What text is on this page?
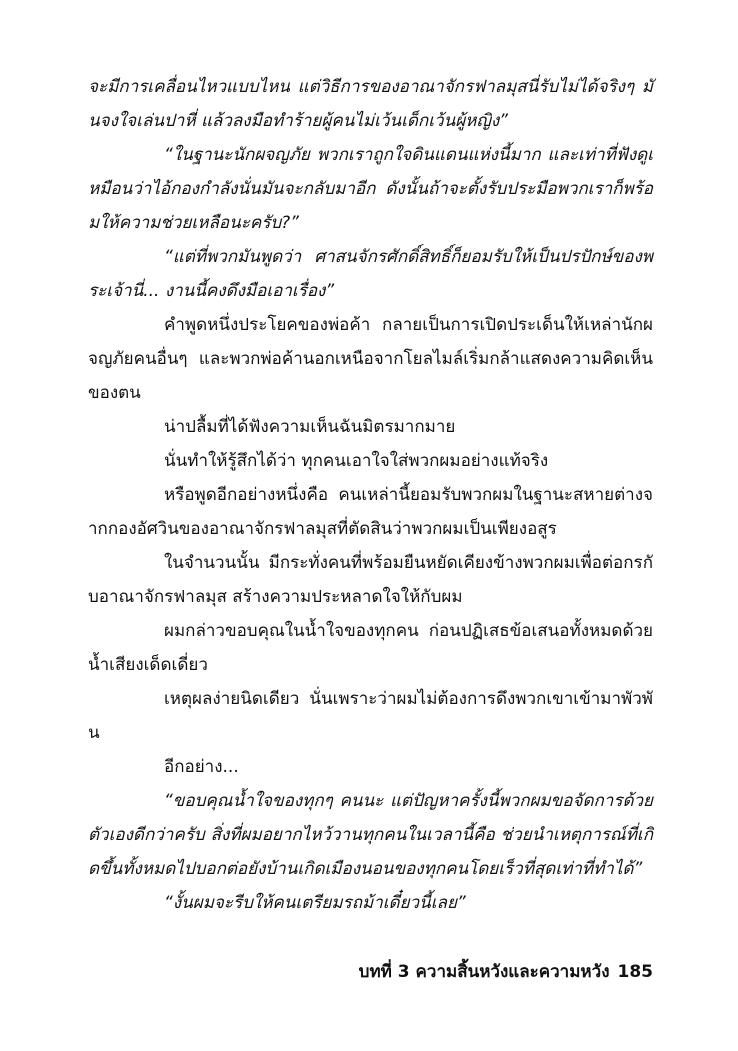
จะมีการเคลื่อนไหวแบบไหน แต่วิธีการของอาณาจักรฟาลมุสนี่รับไม่ได้จริงๆ มันจงใจเล่นปาหี่ แล้วลงมือทำร้ายผู้คนไม่เว้นเด็กเว้นผู้หญิง”

“ในฐานะนักผจญภัย พวกเราถูกใจดินแดนแห่งนี้มาก และเท่าที่ฟังดูเหมือนว่าไอ้กองกำลังนั่นมันจะกลับมาอีก ดังนั้นถ้าจะตั้งรับประมือพวกเราก็พร้อมให้ความช่วยเหลือนะครับ?”

“แต่ที่พวกมันพูดว่า ศาสนจักรศักดิ์สิทธิ์ก็ยอมรับให้เป็นปรปักษ์ของพระเจ้านี่... งานนี้คงดึงมือเอาเรื่อง”

คำพูดหนึ่งประโยคของพ่อค้า กลายเป็นการเปิดประเด็นให้เหล่านักผจญภัยคนอื่นๆ และพวกพ่อค้านอกเหนือจากโยลไมล์เริ่มกล้าแสดงความคิดเห็นของตน

น่าปลื้มที่ได้ฟังความเห็นฉันมิตรมากมาย

นั่นทำให้รู้สึกได้ว่า ทุกคนเอาใจใส่พวกผมอย่างแท้จริง

หรือพูดอีกอย่างหนึ่งคือ คนเหล่านี้ยอมรับพวกผมในฐานะสหายต่างจากกองอัศวินของอาณาจักรฟาลมุสที่ตัดสินว่าพวกผมเป็นเพียงอสูร

ในจำนวนนั้น มีกระทั่งคนที่พร้อมยืนหยัดเคียงข้างพวกผมเพื่อต่อกรกับอาณาจักรฟาลมุส สร้างความประหลาดใจให้กับผม

ผมกล่าวขอบคุณในน้ำใจของทุกคน ก่อนปฏิเสธข้อเสนอทั้งหมดด้วยน้ำเสียงเด็ดเดี่ยว

เหตุผลง่ายนิดเดียว นั่นเพราะว่าผมไม่ต้องการดึงพวกเขาเข้ามาพัวพัน

อีกอย่าง...

“ขอบคุณน้ำใจของทุกๆ คนนะ แต่ปัญหาครั้งนี้พวกผมขอจัดการด้วยตัวเองดีกว่าครับ สิ่งที่ผมอยากไหว้วานทุกคนในเวลานี้คือ ช่วยนำเหตุการณ์ที่เกิดขึ้นทั้งหมดไปบอกต่อยังบ้านเกิดเมืองนอนของทุกคนโดยเร็วที่สุดเท่าที่ทำได้”

“งั้นผมจะรีบให้คนเตรียมรถม้าเดี๋ยวนี้เลย”

บทที่ 3 ความสิ้นหวังและความหวัง 185
